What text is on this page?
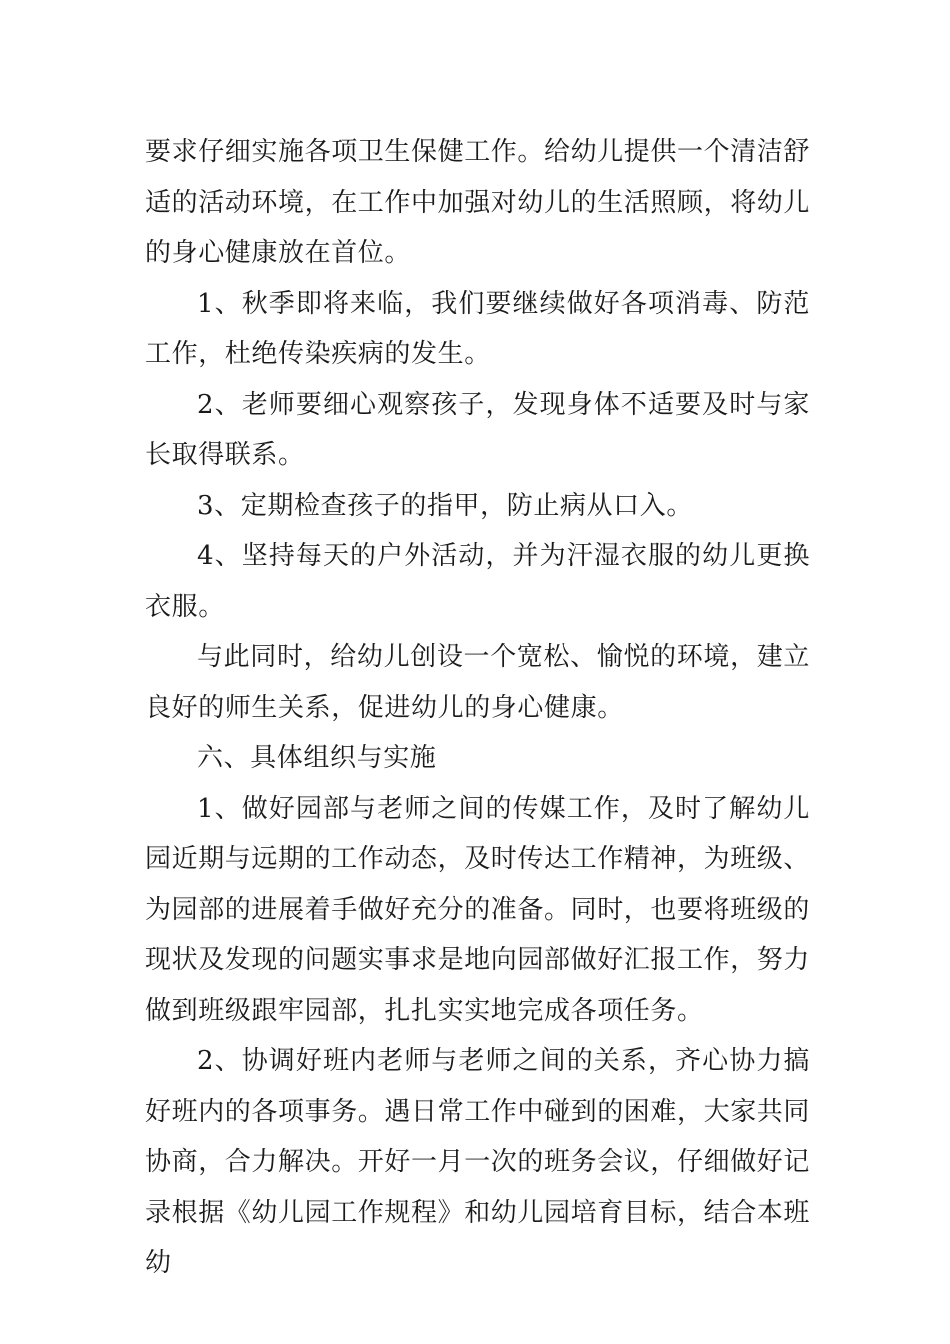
要求仔细实施各项卫生保健工作。给幼儿提供一个清洁舒适的活动环境，在工作中加强对幼儿的生活照顾，将幼儿的身心健康放在首位。

1、秋季即将来临，我们要继续做好各项消毒、防范工作，杜绝传染疾病的发生。

2、老师要细心观察孩子，发现身体不适要及时与家长取得联系。

3、定期检查孩子的指甲，防止病从口入。

4、坚持每天的户外活动，并为汗湿衣服的幼儿更换衣服。

与此同时，给幼儿创设一个宽松、愉悦的环境，建立良好的师生关系，促进幼儿的身心健康。

六、具体组织与实施

1、做好园部与老师之间的传媒工作，及时了解幼儿园近期与远期的工作动态，及时传达工作精神，为班级、为园部的进展着手做好充分的准备。同时，也要将班级的现状及发现的问题实事求是地向园部做好汇报工作，努力做到班级跟牢园部，扎扎实实地完成各项任务。

2、协调好班内老师与老师之间的关系，齐心协力搞好班内的各项事务。遇日常工作中碰到的困难，大家共同协商，合力解决。开好一月一次的班务会议，仔细做好记录根据《幼儿园工作规程》和幼儿园培育目标，结合本班幼
